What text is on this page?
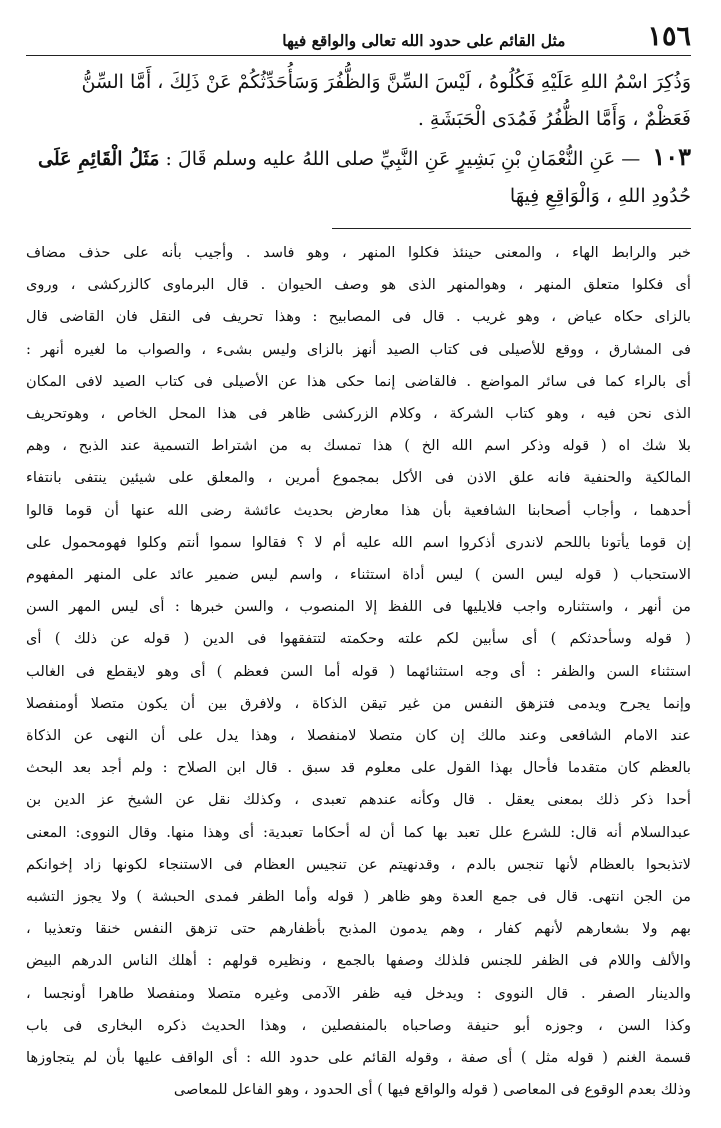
١٥٦
مثل القائم على حدود الله تعالى والواقع فيها

وَذُكِرَ اسْمُ اللهِ عَلَيْهِ فَكُلُوهُ ، لَيْسَ السِّنَّ وَالظُّفُرَ وَسَأُحَدِّثُكُمْ عَنْ ذَلِكَ ، أَمَّا السِّنُّ

فَعَظْمٌ ، وَأَمَّا الظُّفُرُ فَمُدَى الْحَبَشَةِ .

١٠٣ — عَنِ النُّعْمَانِ بْنِ بَشِيرٍ عَنِ النَّبِيِّ صلى اللهُ عليه وسلم قَالَ : مَثَلُ الْقَائِمِ عَلَى

حُدُودِ اللهِ ، وَالْوَاقِعِ فِيهَا

خبر والرابط الهاء ، والمعنى حينئذ فكلوا المنهر ، وهو فاسد . وأجيب بأنه على حذف مضاف

أى فكلوا متعلق المنهر ، وهوالمنهر الذى هو وصف الحيوان . قال البرماوى كالزركشى ، وروى

بالزاى حكاه عياض ، وهو غريب . قال فى المصابيح : وهذا تحريف فى النقل فان القاضى قال

فى المشارق ، ووقع للأصيلى فى كتاب الصيد أنهز بالزاى وليس بشىء ، والصواب ما لغيره أنهر :

أى بالراء كما فى سائر المواضع . فالقاضى إنما حكى هذا عن الأصيلى فى كتاب الصيد لافى المكان

الذى نحن فيه ، وهو كتاب الشركة ، وكلام الزركشى ظاهر فى هذا المحل الخاص ، وهوتحريف

بلا شك اه ( قوله وذكر اسم الله الخ ) هذا تمسك به من اشتراط التسمية عند الذبح ، وهم

المالكية والحنفية فانه علق الاذن فى الأكل بمجموع أمرين ، والمعلق على شيئين ينتفى بانتفاء

أحدهما ، وأجاب أصحابنا الشافعية بأن هذا معارض بحديث عائشة رضى الله عنها أن قوما قالوا

إن قوما يأتونا باللحم لاندرى أذكروا اسم الله عليه أم لا ؟ فقالوا سموا أنتم وكلوا فهومحمول على

الاستحباب ( قوله ليس السن ) ليس أداة استثناء ، واسم ليس ضمير عائد على المنهر المفهوم

من أنهر ، واستثناره واجب فلايليها فى اللفظ إلا المنصوب ، والسن خبرها : أى ليس المهر السن

( قوله وسأحدثكم ) أى سأبين لكم علته وحكمته لتتفقهوا فى الدين ( قوله عن ذلك ) أى

استثناء السن والظفر : أى وجه استثنائهما ( قوله أما السن فعظم ) أى وهو لايقطع فى الغالب

وإنما يجرح ويدمى فتزهق النفس من غير تيقن الذكاة ، ولافرق بين أن يكون متصلا أومنفصلا

عند الامام الشافعى وعند مالك إن كان متصلا لامنفصلا ، وهذا يدل على أن النهى عن الذكاة

بالعظم كان متقدما فأحال بهذا القول على معلوم قد سبق . قال ابن الصلاح : ولم أجد بعد البحث

أحدا ذكر ذلك بمعنى يعقل . قال وكأنه عندهم تعبدى ، وكذلك نقل عن الشيخ عز الدين بن

عبدالسلام أنه قال: للشرع علل تعبد بها كما أن له أحكاما تعبدية: أى وهذا منها. وقال النووى: المعنى

لاتذبحوا بالعظام لأنها تنجس بالدم ، وقدنهيتم عن تنجيس العظام فى الاستنجاء لكونها زاد إخوانكم

من الجن انتهى. قال فى جمع العدة وهو ظاهر ( قوله وأما الظفر فمدى الحبشة ) ولا يجوز التشبه

بهم ولا بشعارهم لأنهم كفار ، وهم يدمون المذبح بأظفارهم حتى تزهق النفس خنقا وتعذيبا ،

والألف واللام فى الظفر للجنس فلذلك وصفها بالجمع ، ونظيره قولهم : أهلك الناس الدرهم البيض

والدينار الصفر . قال النووى : ويدخل فيه ظفر الآدمى وغيره متصلا ومنفصلا طاهرا أونجسا ،

وكذا السن ، وجوزه أبو حنيفة وصاحباه بالمنفصلين ، وهذا الحديث ذكره البخارى فى باب

قسمة الغنم ( قوله مثل ) أى صفة ، وقوله القائم على حدود الله : أى الواقف عليها بأن لم يتجاوزها

وذلك بعدم الوقوع فى المعاصى ( قوله والواقع فيها ) أى الحدود ، وهو الفاعل للمعاصى
